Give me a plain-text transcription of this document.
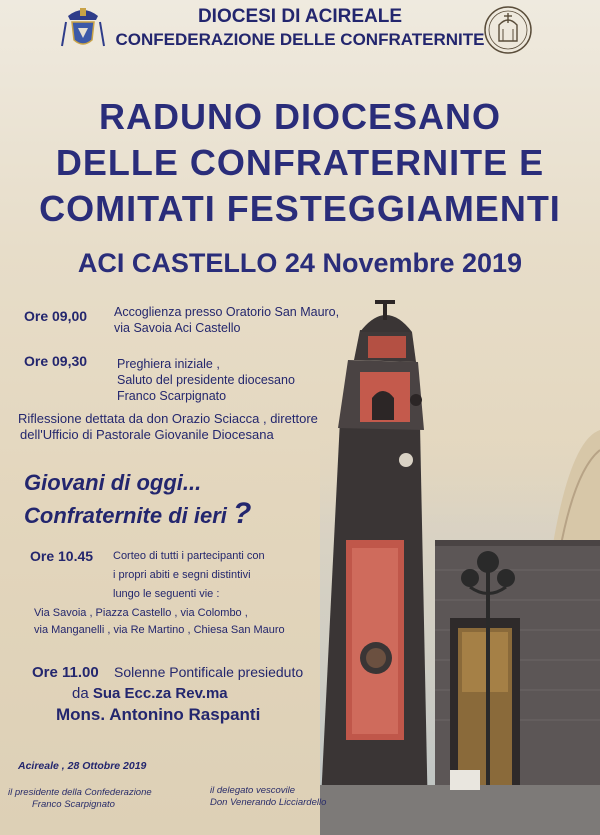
DIOCESI DI ACIREALE
CONFEDERAZIONE DELLE CONFRATERNITE
RADUNO DIOCESANO
DELLE CONFRATERNITE E
COMITATI FESTEGGIAMENTI
ACI CASTELLO 24 Novembre 2019
Ore 09,00 Accoglienza presso Oratorio San Mauro,
via Savoia Aci Castello
Ore 09,30 Preghiera iniziale ,
Saluto del presidente diocesano
Franco Scarpignato
Riflessione dettata da don Orazio Sciacca , direttore
dell'Ufficio di Pastorale Giovanile Diocesana
Giovani di oggi...
Confraternite di ieri ?
Ore 10.45 Corteo di tutti i partecipanti con
i propri abiti e segni distintivi
lungo le seguenti vie :
Via Savoia , Piazza Castello , via Colombo ,
via Manganelli , via Re Martino , Chiesa San Mauro
Ore 11.00 Solenne Pontificale presieduto
da Sua Ecc.za Rev.ma
Mons. Antonino Raspanti
Acireale , 28 Ottobre 2019
il presidente della Confederazione
Franco Scarpignato
il delegato vescovile
Don Venerando Licciardello
